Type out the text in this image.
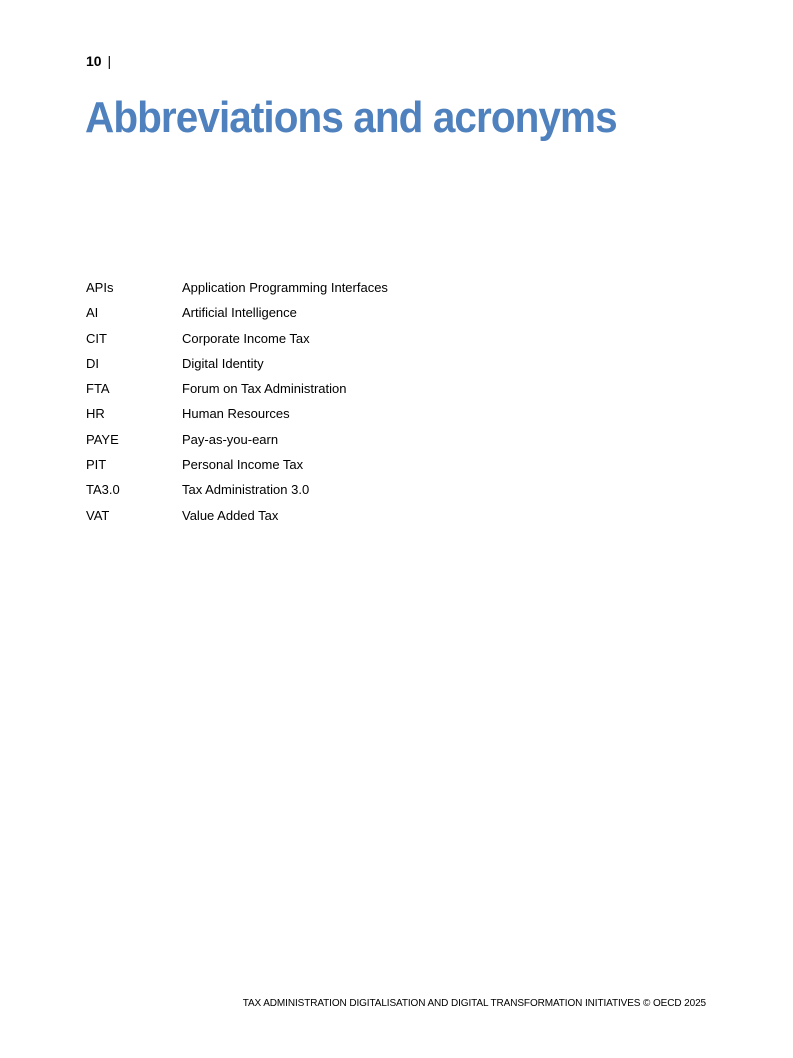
10 |
Abbreviations and acronyms
APIs	Application Programming Interfaces
AI	Artificial Intelligence
CIT	Corporate Income Tax
DI	Digital Identity
FTA	Forum on Tax Administration
HR	Human Resources
PAYE	Pay-as-you-earn
PIT	Personal Income Tax
TA3.0	Tax Administration 3.0
VAT	Value Added Tax
TAX ADMINISTRATION DIGITALISATION AND DIGITAL TRANSFORMATION INITIATIVES © OECD 2025
